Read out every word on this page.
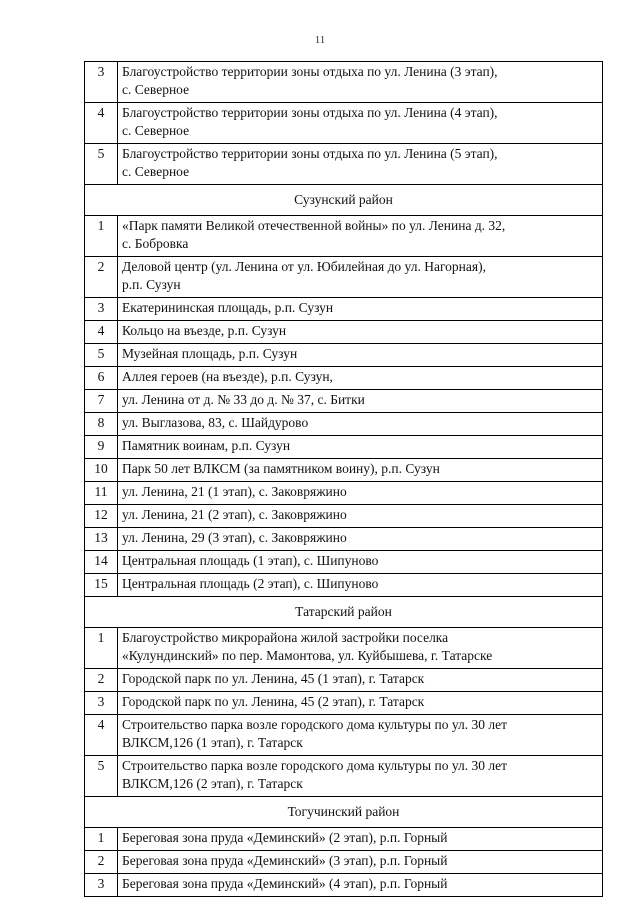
11
3	Благоустройство территории зоны отдыха по ул. Ленина (3 этап),
с. Северное

4	Благоустройство территории зоны отдыха по ул. Ленина (4 этап),
с. Северное

5	Благоустройство территории зоны отдыха по ул. Ленина (5 этап),
с. Северное

Сузунский район	
1	«Парк памяти Великой отечественной войны» по ул. Ленина д. 32,
с. Бобровка

2	Деловой центр (ул. Ленина от ул. Юбилейная до ул. Нагорная),
р.п. Сузун

3	Екатерининская площадь, р.п. Сузун

4	Кольцо на въезде, р.п. Сузун

5	Музейная площадь, р.п. Сузун

6	Аллея героев (на въезде), р.п. Сузун,

7	ул. Ленина от д. № 33 до д. № 37, с. Битки

8	ул. Выглазова, 83, с. Шайдурово

9	Памятник воинам, р.п. Сузун

10	Парк 50 лет ВЛКСМ (за памятником воину), р.п. Сузун

11	ул. Ленина, 21 (1 этап), с. Заковряжино

12	ул. Ленина, 21 (2 этап), с. Заковряжино

13	ул. Ленина, 29 (3 этап), с. Заковряжино

14	Центральная площадь (1 этап), с. Шипуново

15	Центральная площадь (2 этап), с. Шипуново

Татарский район	
1	Благоустройство микрорайона жилой застройки поселка
«Кулундинский» по пер. Мамонтова, ул. Куйбышева, г. Татарске

2	Городской парк по ул. Ленина, 45 (1 этап), г. Татарск

3	Городской парк по ул. Ленина, 45 (2 этап), г. Татарск

4	Строительство парка возле городского дома культуры по ул. 30 лет
ВЛКСМ,126 (1 этап), г. Татарск

5	Строительство парка возле городского дома культуры по ул. 30 лет
ВЛКСМ,126 (2 этап), г. Татарск

Тогучинский район	
1	Береговая зона пруда «Деминский» (2 этап), р.п. Горный

2	Береговая зона пруда «Деминский» (3 этап), р.п. Горный

3	Береговая зона пруда «Деминский» (4 этап), р.п. Горный
